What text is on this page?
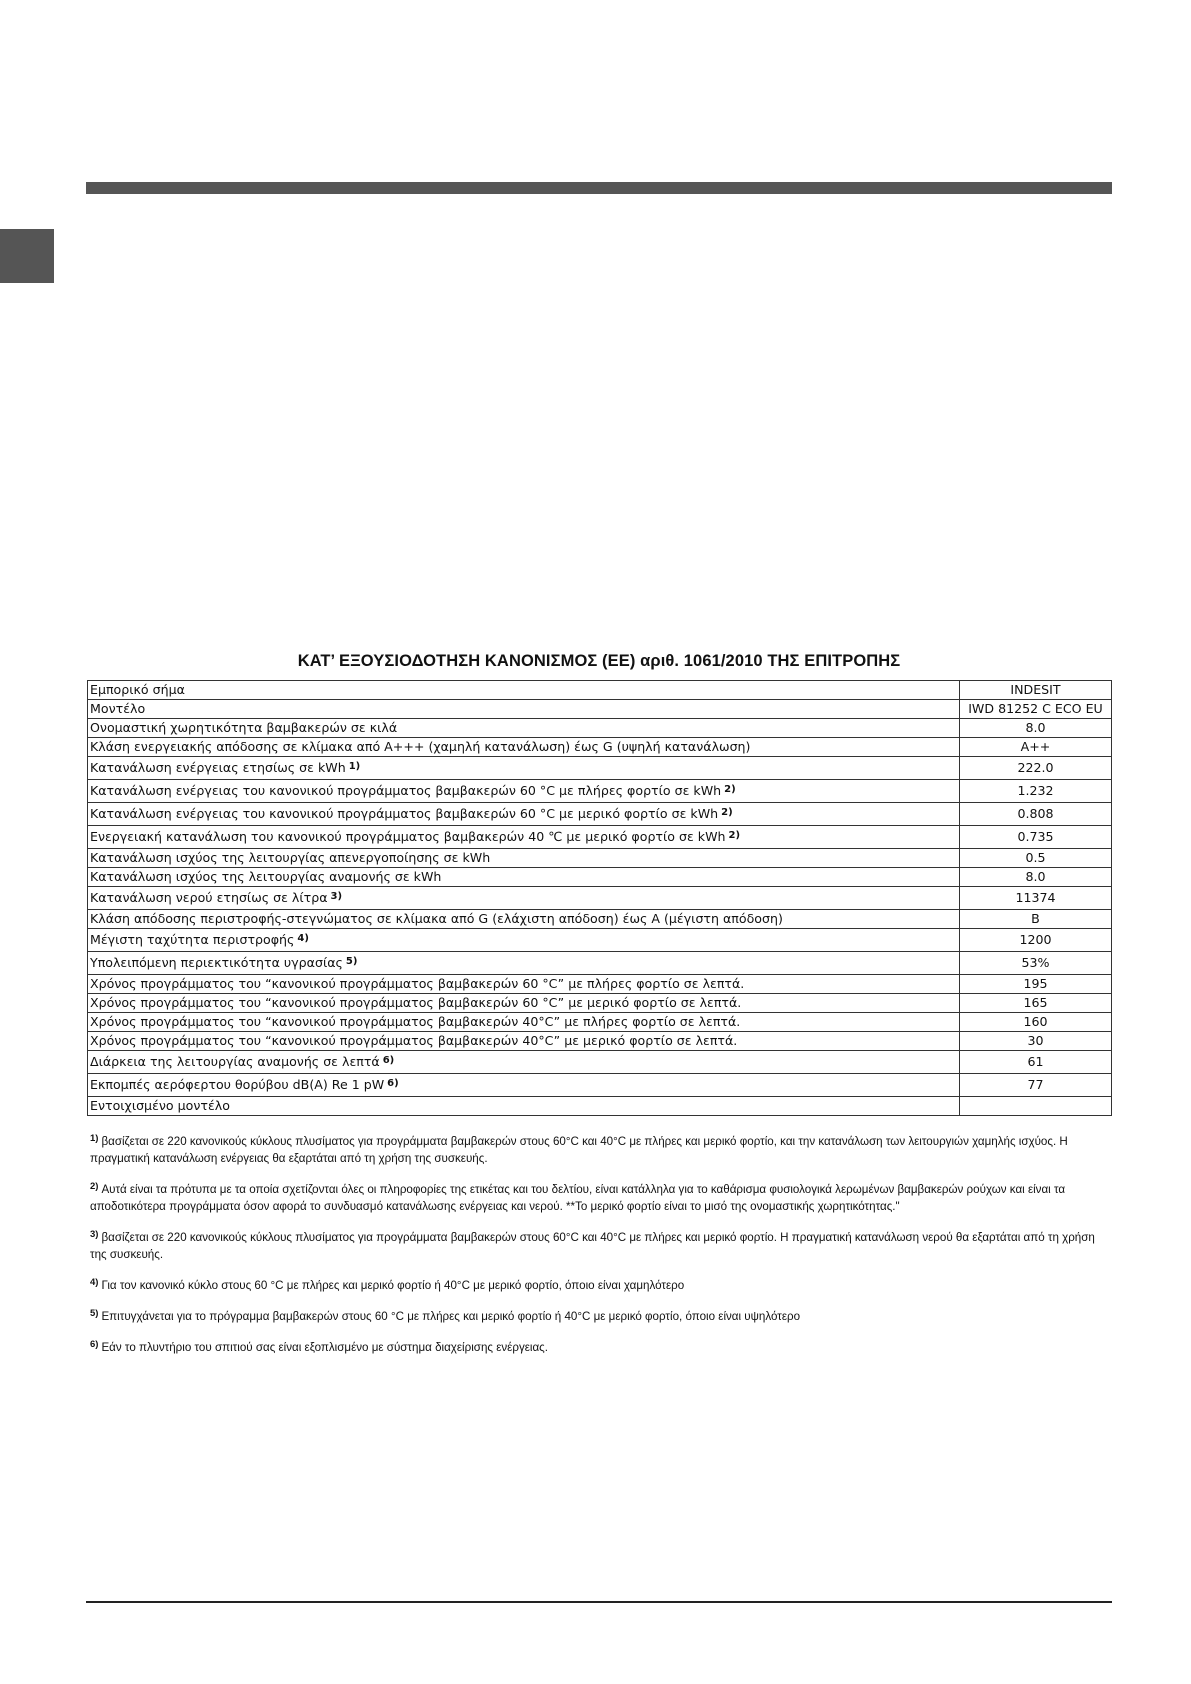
ΚΑΤ’ ΕΞΟΥΣΙΟΔΟΤΗΣΗ ΚΑΝΟΝΙΣΜΟΣ (ΕΕ) αριθ. 1061/2010 ΤΗΣ ΕΠΙΤΡΟΠΗΣ
Εμπορικό σήμα	INDESIT
Μοντέλο	IWD 81252 C ECO EU
Ονομαστική χωρητικότητα βαμβακερών σε κιλά	8.0
Κλάση ενεργειακής απόδοσης σε κλίμακα από A+++ (χαμηλή κατανάλωση) έως G (υψηλή κατανάλωση)	A++
Κατανάλωση ενέργειας ετησίως σε kWh $^{1)}$	222.0
Κατανάλωση ενέργειας του κανονικού προγράμματος βαμβακερών 60 °C με πλήρες φορτίο σε kWh $^{2)}$	1.232
Κατανάλωση ενέργειας του κανονικού προγράμματος βαμβακερών 60 °C με μερικό φορτίο σε kWh $^{2)}$	0.808
Ενεργειακή κατανάλωση του κανονικού προγράμματος βαμβακερών 40 ℃ με μερικό φορτίο σε kWh $^{2)}$	0.735
Κατανάλωση ισχύος της λειτουργίας απενεργοποίησης σε kWh	0.5
Κατανάλωση ισχύος της λειτουργίας αναμονής σε kWh	8.0
Κατανάλωση νερού ετησίως σε λίτρα $^{3)}$	11374
Κλάση απόδοσης περιστροφής-στεγνώματος σε κλίμακα από G (ελάχιστη απόδοση) έως A (μέγιστη απόδοση)	B
Μέγιστη ταχύτητα περιστροφής $^{4)}$	1200
Υπολειπόμενη περιεκτικότητα υγρασίας $^{5)}$	53%
Χρόνος προγράμματος του “κανονικού προγράμματος βαμβακερών 60 °C” με πλήρες φορτίο σε λεπτά.	195
Χρόνος προγράμματος του “κανονικού προγράμματος βαμβακερών 60 °C” με μερικό φορτίο σε λεπτά.	165
Χρόνος προγράμματος του “κανονικού προγράμματος βαμβακερών 40°C” με πλήρες φορτίο σε λεπτά.	160
Χρόνος προγράμματος του “κανονικού προγράμματος βαμβακερών 40°C” με μερικό φορτίο σε λεπτά.	30
Διάρκεια της λειτουργίας αναμονής σε λεπτά $^{6)}$	61
Εκπομπές αερόφερτου θορύβου dB(A) Re 1 pW $^{6)}$	77
Εντοιχισμένο μοντέλο	
$^{1)}$ βασίζεται σε 220 κανονικούς κύκλους πλυσίματος για προγράμματα βαμβακερών στους 60°C και 40°C με πλήρες και μερικό φορτίο, και την κατανάλωση των λειτουργιών χαμηλής ισχύος. Η πραγματική κατανάλωση ενέργειας θα εξαρτάται από τη χρήση της συσκευής.
$^{2)}$ Αυτά είναι τα πρότυπα με τα οποία σχετίζονται όλες οι πληροφορίες της ετικέτας και του δελτίου, είναι κατάλληλα για το καθάρισμα φυσιολογικά λερωμένων βαμβακερών ρούχων και είναι τα αποδοτικότερα προγράμματα όσον αφορά το συνδυασμό κατανάλωσης ενέργειας και νερού. **Το μερικό φορτίο είναι το μισό της ονομαστικής χωρητικότητας."
$^{3)}$ βασίζεται σε 220 κανονικούς κύκλους πλυσίματος για προγράμματα βαμβακερών στους 60°C και 40°C με πλήρες και μερικό φορτίο. Η πραγματική κατανάλωση νερού θα εξαρτάται από τη χρήση της συσκευής.
$^{4)}$ Για τον κανονικό κύκλο στους 60 °C με πλήρες και μερικό φορτίο ή 40°C με μερικό φορτίο, όποιο είναι χαμηλότερο
$^{5)}$ Επιτυγχάνεται για το πρόγραμμα βαμβακερών στους 60 °C με πλήρες και μερικό φορτίο ή 40°C με μερικό φορτίο, όποιο είναι υψηλότερο
$^{6)}$ Εάν το πλυντήριο του σπιτιού σας είναι εξοπλισμένο με σύστημα διαχείρισης ενέργειας.
